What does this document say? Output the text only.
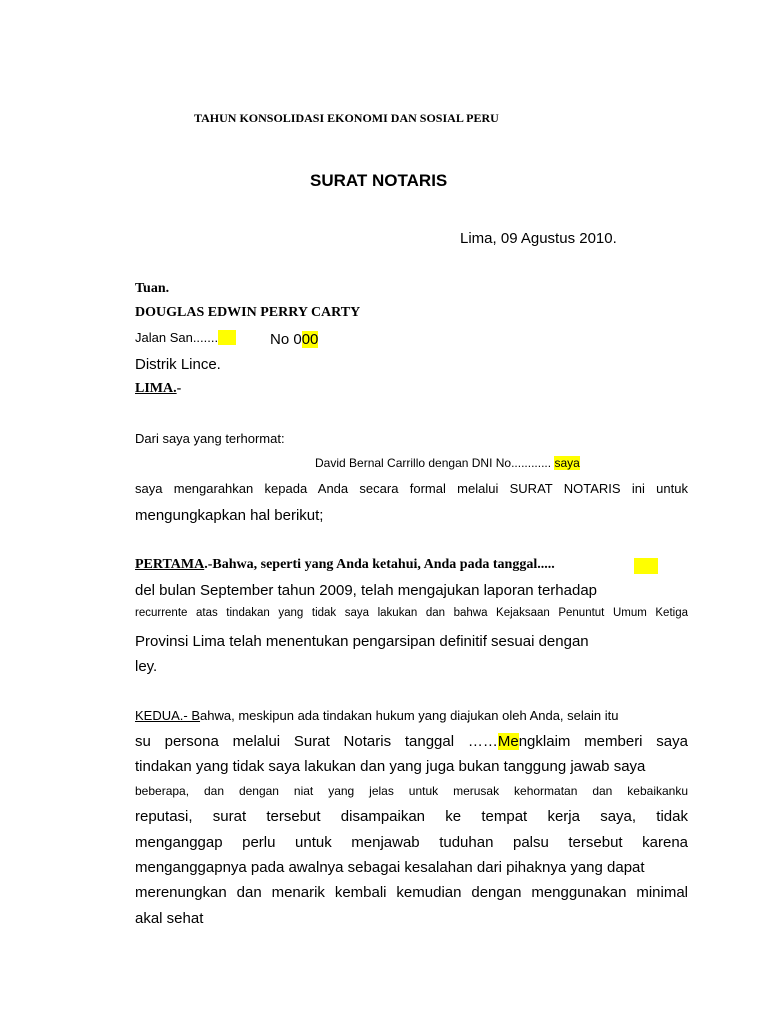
TAHUN KONSOLIDASI EKONOMI DAN SOSIAL PERU
SURAT NOTARIS
Lima, 09 Agustus 2010.
Tuan.
DOUGLAS EDWIN PERRY CARTY
Jalan San.......	No 000
Distrik Lince.
LIMA.-
Dari saya yang terhormat:
David Bernal Carrillo dengan DNI No............ saya
saya mengarahkan kepada Anda secara formal melalui SURAT NOTARIS ini untuk
mengungkapkan hal berikut;
PERTAMA.-Bahwa, seperti yang Anda ketahui, Anda pada tanggal.....
del bulan September tahun 2009, telah mengajukan laporan terhadap
recurrente atas tindakan yang tidak saya lakukan dan bahwa Kejaksaan Penuntut Umum Ketiga
Provinsi Lima telah menentukan pengarsipan definitif sesuai dengan
ley.
KEDUA.- Bahwa, meskipun ada tindakan hukum yang diajukan oleh Anda, selain itu
su persona melalui Surat Notaris tanggal ……Mengklaim memberi saya
tindakan yang tidak saya lakukan dan yang juga bukan tanggung jawab saya
beberapa, dan dengan niat yang jelas untuk merusak kehormatan dan kebaikanku
reputasi, surat tersebut disampaikan ke tempat kerja saya, tidak
menganggap perlu untuk menjawab tuduhan palsu tersebut karena
menganggapnya pada awalnya sebagai kesalahan dari pihaknya yang dapat
merenungkan dan menarik kembali kemudian dengan menggunakan minimal
akal sehat
